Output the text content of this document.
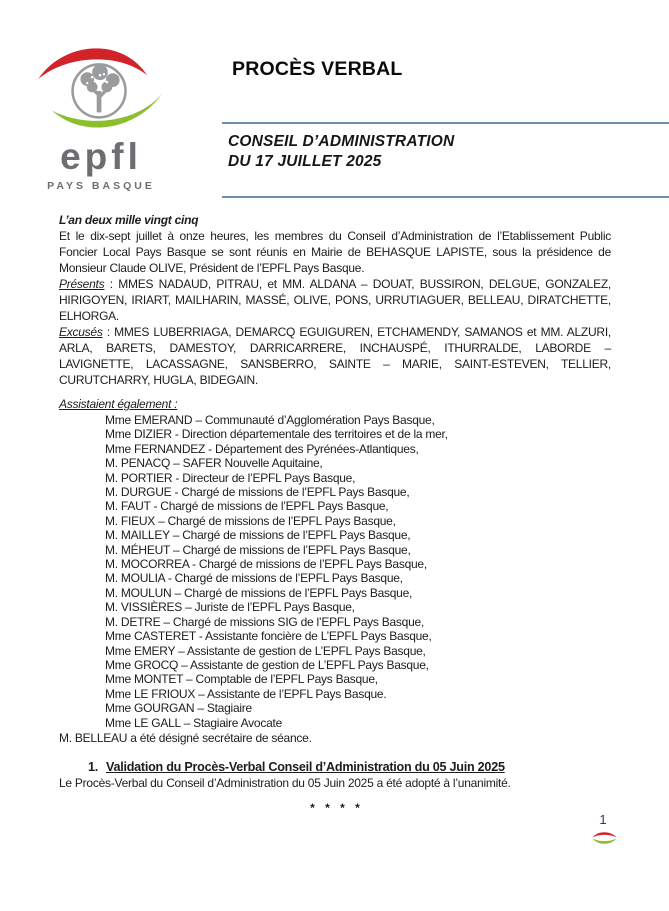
epfl
PAYS BASQUE
PROCÈS VERBAL
CONSEIL D’ADMINISTRATION
DU 17 JUILLET 2025

L’an deux mille vingt cinq
Et le dix-sept juillet à onze heures, les membres du Conseil d’Administration de l’Etablissement Public Foncier Local Pays Basque se sont réunis en Mairie de BEHASQUE LAPISTE, sous la présidence de Monsieur Claude OLIVE, Président de l’EPFL Pays Basque.

Présents : MMES NADAUD, PITRAU, et MM. ALDANA – DOUAT, BUSSIRON, DELGUE, GONZALEZ, HIRIGOYEN, IRIART, MAILHARIN, MASSÉ, OLIVE, PONS, URRUTIAGUER, BELLEAU, DIRATCHETTE, ELHORGA.

Excusés : MMES LUBERRIAGA, DEMARCQ EGUIGUREN, ETCHAMENDY, SAMANOS et MM. ALZURI, ARLA, BARETS, DAMESTOY, DARRICARRERE, INCHAUSPÉ, ITHURRALDE, LABORDE – LAVIGNETTE, LACASSAGNE, SANSBERRO, SAINTE – MARIE, SAINT-ESTEVEN, TELLIER, CURUTCHARRY, HUGLA, BIDEGAIN.

Assistaient également :
Mme EMERAND – Communauté d’Agglomération Pays Basque,
Mme DIZIER - Direction départementale des territoires et de la mer,
Mme FERNANDEZ - Département des Pyrénées-Atlantiques,
M. PENACQ – SAFER Nouvelle Aquitaine,
M. PORTIER - Directeur de l’EPFL Pays Basque,
M. DURGUE - Chargé de missions de l’EPFL Pays Basque,
M. FAUT - Chargé de missions de l’EPFL Pays Basque,
M. FIEUX – Chargé de missions de l’EPFL Pays Basque,
M. MAILLEY – Chargé de missions de l’EPFL Pays Basque,
M. MÉHEUT – Chargé de missions de l’EPFL Pays Basque,
M. MOCORREA - Chargé de missions de l’EPFL Pays Basque,
M. MOULIA - Chargé de missions de l’EPFL Pays Basque,
M. MOULUN – Chargé de missions de l’EPFL Pays Basque,
M. VISSIÈRES – Juriste de l’EPFL Pays Basque,
M. DETRE – Chargé de missions SIG de l’EPFL Pays Basque,
Mme CASTERET - Assistante foncière de L’EPFL Pays Basque,
Mme EMERY – Assistante de gestion de L’EPFL Pays Basque,
Mme GROCQ – Assistante de gestion de L’EPFL Pays Basque,
Mme MONTET – Comptable de l’EPFL Pays Basque,
Mme LE FRIOUX – Assistante de l’EPFL Pays Basque.
Mme GOURGAN – Stagiaire
Mme LE GALL – Stagiaire Avocate

M. BELLEAU a été désigné secrétaire de séance.

1. Validation du Procès-Verbal Conseil d’Administration du 05 Juin 2025

Le Procès-Verbal du Conseil d’Administration du 05 Juin 2025 a été adopté à l’unanimité.

* * * *
1
